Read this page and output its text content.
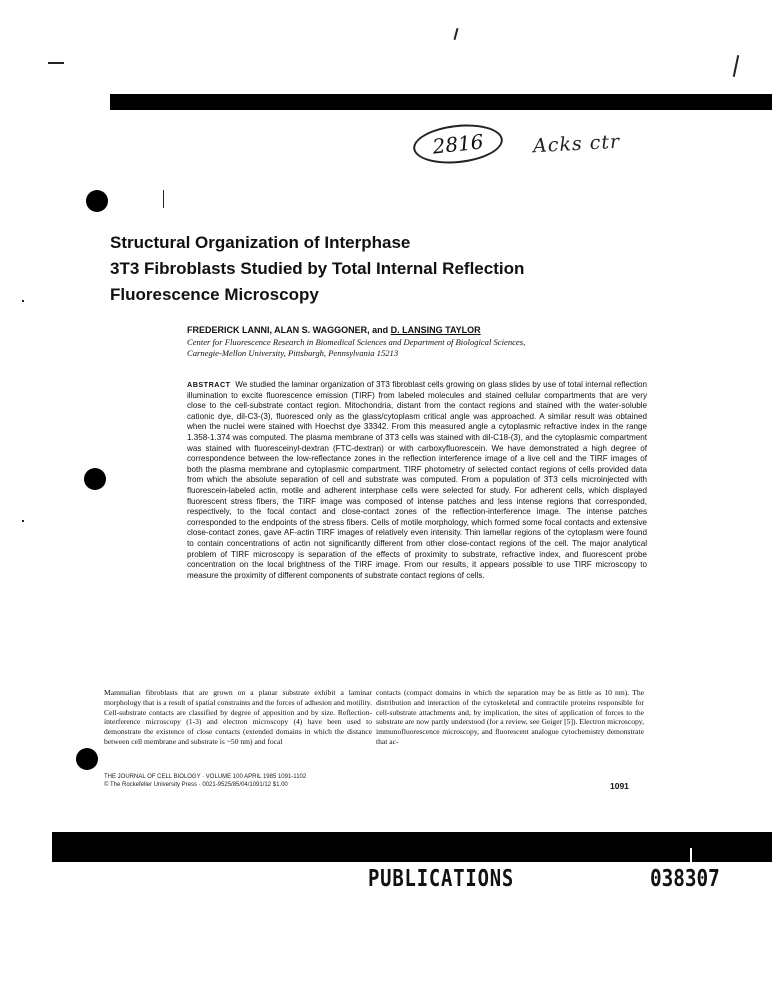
2816	Acks ctr
Structural Organization of Interphase
3T3 Fibroblasts Studied by Total Internal Reflection
Fluorescence Microscopy

FREDERICK LANNI, ALAN S. WAGGONER, and D. LANSING TAYLOR

Center for Fluorescence Research in Biomedical Sciences and Department of Biological Sciences,
Carnegie-Mellon University, Pittsburgh, Pennsylvania 15213

ABSTRACT We studied the laminar organization of 3T3 fibroblast cells growing on glass slides by use of total internal reflection illumination to excite fluorescence emission (TIRF) from labeled molecules and stained cellular compartments that are very close to the cell-substrate contact region. Mitochondria, distant from the contact regions and stained with the water-soluble cationic dye, dil-C3-(3), fluoresced only as the glass/cytoplasm critical angle was approached. A similar result was obtained when the nuclei were stained with Hoechst dye 33342. From this measured angle a cytoplasmic refractive index in the range 1.358-1.374 was computed. The plasma membrane of 3T3 cells was stained with dil-C18-(3), and the cytoplasmic compartment was stained with fluoresceinyl-dextran (FTC-dextran) or with carboxyfluorescein. We have demonstrated a high degree of correspondence between the low-reflectance zones in the reflection interference image of a live cell and the TIRF images of both the plasma membrane and cytoplasmic compartment. TIRF photometry of selected contact regions of cells provided data from which the absolute separation of cell and substrate was computed. From a population of 3T3 cells microinjected with fluorescein-labeled actin, motile and adherent interphase cells were selected for study. For adherent cells, which displayed fluorescent stress fibers, the TIRF image was composed of intense patches and less intense regions that corresponded, respectively, to the focal contact and close-contact zones of the reflection-interference image. The intense patches corresponded to the endpoints of the stress fibers. Cells of motile morphology, which formed some focal contacts and extensive close-contact zones, gave AF-actin TIRF images of relatively even intensity. Thin lamellar regions of the cytoplasm were found to contain concentrations of actin not significantly different from other close-contact regions of the cell. The major analytical problem of TIRF microscopy is separation of the effects of proximity to substrate, refractive index, and fluorescent probe concentration on the local brightness of the TIRF image. From our results, it appears possible to use TIRF microscopy to measure the proximity of different components of substrate contact regions of cells.

Mammalian fibroblasts that are grown on a planar substrate exhibit a laminar morphology that is a result of spatial constraints and the forces of adhesion and motility. Cell-substrate contacts are classified by degree of apposition and by size. Reflection-interference microscopy (1-3) and electron microscopy (4) have been used to demonstrate the existence of close contacts (extended domains in which the distance between cell membrane and substrate is ~50 nm) and focal

contacts (compact domains in which the separation may be as little as 10 nm). The distribution and interaction of the cytoskeletal and contractile proteins responsible for cell-substrate attachments and, by implication, the sites of application of forces to the substrate are now partly understood (for a review, see Geiger [5]). Electron microscopy, immunofluorescence microscopy, and fluorescent analogue cytochemistry demonstrate that ac-

THE JOURNAL OF CELL BIOLOGY · VOLUME 100 APRIL 1985 1091-1102

© The Rockefeller University Press · 0021-9525/85/04/1091/12 $1.00	1091

PUBLICATIONS	038307
